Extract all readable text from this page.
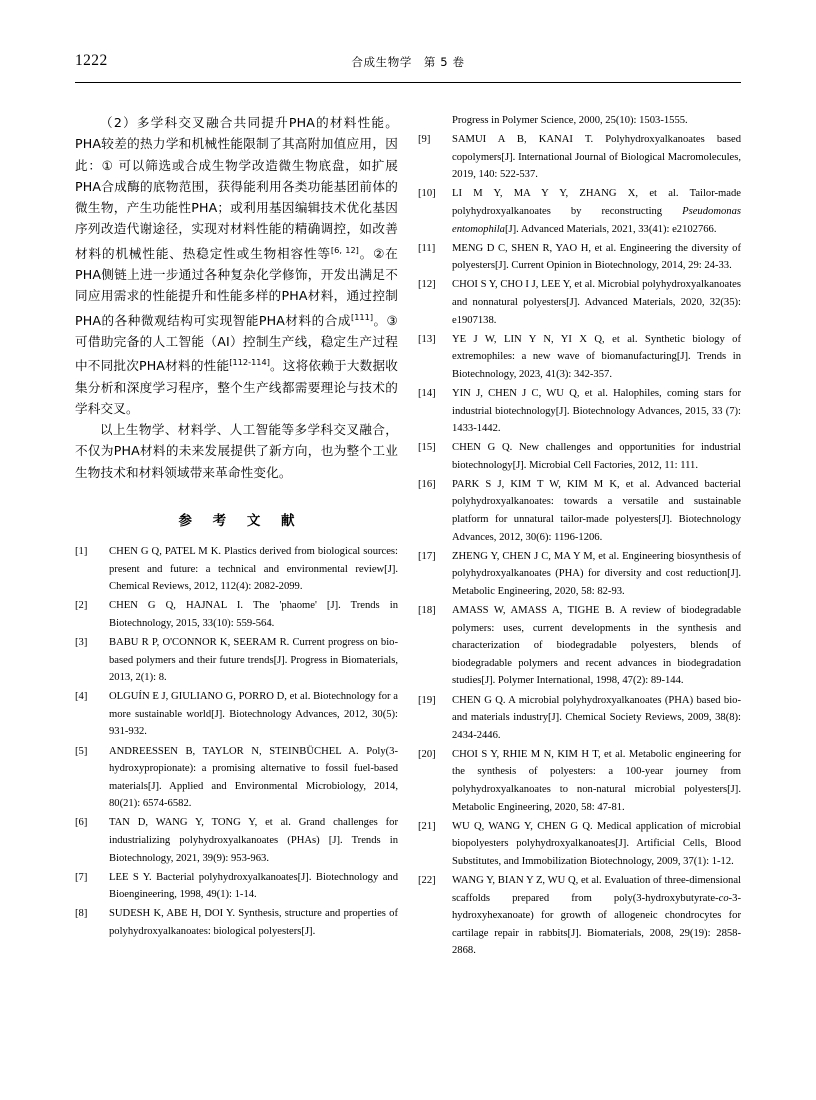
1222	合成生物学 第 5 卷
（2）多学科交叉融合共同提升PHA的材料性能。PHA较差的热力学和机械性能限制了其高附加值应用，因此：① 可以筛选或合成生物学改造微生物底盘，如扩展PHA合成酶的底物范围，获得能利用各类功能基团前体的微生物，产生功能性PHA；或利用基因编辑技术优化基因序列改造代谢途径，实现对材料性能的精确调控，如改善材料的机械性能、热稳定性或生物相容性等[6, 12]。②在PHA侧链上进一步通过各种复杂化学修饰，开发出满足不同应用需求的性能提升和性能多样的PHA材料，通过控制PHA的各种微观结构可实现智能PHA材料的合成[111]。③可借助完备的人工智能（AI）控制生产线，稳定生产过程中不同批次PHA材料的性能[112-114]。这将依赖于大数据收集分析和深度学习程序，整个生产线都需要理论与技术的学科交叉。
以上生物学、材料学、人工智能等多学科交叉融合，不仅为PHA材料的未来发展提供了新方向，也为整个工业生物技术和材料领域带来革命性变化。
参 考 文 献
[1]	CHEN G Q, PATEL M K. Plastics derived from biological sources: present and future: a technical and environmental review[J]. Chemical Reviews, 2012, 112(4): 2082-2099.
[2]	CHEN G Q, HAJNAL I. The 'phaome' [J]. Trends in Biotechnology, 2015, 33(10): 559-564.
[3]	BABU R P, O'CONNOR K, SEERAM R. Current progress on bio-based polymers and their future trends[J]. Progress in Biomaterials, 2013, 2(1): 8.
[4]	OLGUÍN E J, GIULIANO G, PORRO D, et al. Biotechnology for a more sustainable world[J]. Biotechnology Advances, 2012, 30(5): 931-932.
[5]	ANDREESSEN B, TAYLOR N, STEINBÜCHEL A. Poly(3-hydroxypropionate): a promising alternative to fossil fuel-based materials[J]. Applied and Environmental Microbiology, 2014, 80(21): 6574-6582.
[6]	TAN D, WANG Y, TONG Y, et al. Grand challenges for industrializing polyhydroxyalkanoates (PHAs) [J]. Trends in Biotechnology, 2021, 39(9): 953-963.
[7]	LEE S Y. Bacterial polyhydroxyalkanoates[J]. Biotechnology and Bioengineering, 1998, 49(1): 1-14.
[8]	SUDESH K, ABE H, DOI Y. Synthesis, structure and properties of polyhydroxyalkanoates: biological polyesters[J].
Progress in Polymer Science, 2000, 25(10): 1503-1555.
[9]	SAMUI A B, KANAI T. Polyhydroxyalkanoates based copolymers[J]. International Journal of Biological Macromolecules, 2019, 140: 522-537.
[10]	LI M Y, MA Y Y, ZHANG X, et al. Tailor-made polyhydroxyalkanoates by reconstructing Pseudomonas entomophila[J]. Advanced Materials, 2021, 33(41): e2102766.
[11]	MENG D C, SHEN R, YAO H, et al. Engineering the diversity of polyesters[J]. Current Opinion in Biotechnology, 2014, 29: 24-33.
[12]	CHOI S Y, CHO I J, LEE Y, et al. Microbial polyhydroxyalkanoates and nonnatural polyesters[J]. Advanced Materials, 2020, 32(35): e1907138.
[13]	YE J W, LIN Y N, YI X Q, et al. Synthetic biology of extremophiles: a new wave of biomanufacturing[J]. Trends in Biotechnology, 2023, 41(3): 342-357.
[14]	YIN J, CHEN J C, WU Q, et al. Halophiles, coming stars for industrial biotechnology[J]. Biotechnology Advances, 2015, 33 (7): 1433-1442.
[15]	CHEN G Q. New challenges and opportunities for industrial biotechnology[J]. Microbial Cell Factories, 2012, 11: 111.
[16]	PARK S J, KIM T W, KIM M K, et al. Advanced bacterial polyhydroxyalkanoates: towards a versatile and sustainable platform for unnatural tailor-made polyesters[J]. Biotechnology Advances, 2012, 30(6): 1196-1206.
[17]	ZHENG Y, CHEN J C, MA Y M, et al. Engineering biosynthesis of polyhydroxyalkanoates (PHA) for diversity and cost reduction[J]. Metabolic Engineering, 2020, 58: 82-93.
[18]	AMASS W, AMASS A, TIGHE B. A review of biodegradable polymers: uses, current developments in the synthesis and characterization of biodegradable polyesters, blends of biodegradable polymers and recent advances in biodegradation studies[J]. Polymer International, 1998, 47(2): 89-144.
[19]	CHEN G Q. A microbial polyhydroxyalkanoates (PHA) based bio- and materials industry[J]. Chemical Society Reviews, 2009, 38(8): 2434-2446.
[20]	CHOI S Y, RHIE M N, KIM H T, et al. Metabolic engineering for the synthesis of polyesters: a 100-year journey from polyhydroxyalkanoates to non-natural microbial polyesters[J]. Metabolic Engineering, 2020, 58: 47-81.
[21]	WU Q, WANG Y, CHEN G Q. Medical application of microbial biopolyesters polyhydroxyalkanoates[J]. Artificial Cells, Blood Substitutes, and Immobilization Biotechnology, 2009, 37(1): 1-12.
[22]	WANG Y, BIAN Y Z, WU Q, et al. Evaluation of three-dimensional scaffolds prepared from poly(3-hydroxybutyrate-co-3-hydroxyhexanoate) for growth of allogeneic chondrocytes for cartilage repair in rabbits[J]. Biomaterials, 2008, 29(19): 2858-2868.
